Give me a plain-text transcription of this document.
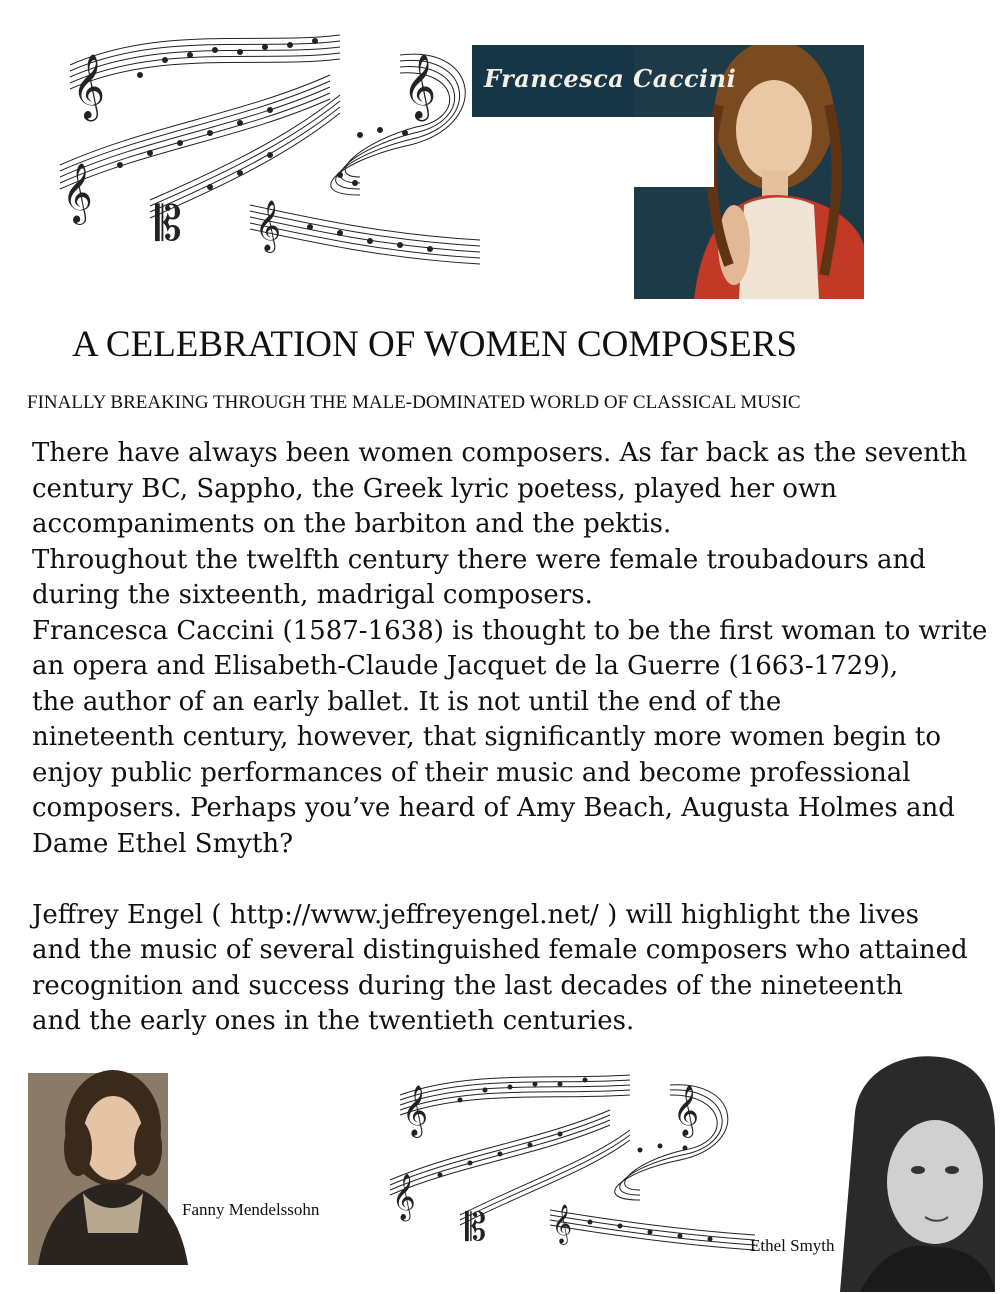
𝄞
𝄞
𝄡 𝄞
𝄞 Francesca Caccini
A CELEBRATION OF WOMEN COMPOSERS
FINALLY BREAKING THROUGH THE MALE-DOMINATED WORLD OF CLASSICAL MUSIC
There have always been women composers. As far back as the seventh
century BC, Sappho, the Greek lyric poetess, played her own
accompaniments on the barbiton and the pektis.
Throughout the twelfth century there were female troubadours and
during the sixteenth, madrigal composers.
Francesca Caccini (1587-1638) is thought to be the first woman to write
an opera and Elisabeth-Claude Jacquet de la Guerre (1663-1729),
the author of an early ballet. It is not until the end of the
nineteenth century, however, that significantly more women begin to
enjoy public performances of their music and become professional
composers. Perhaps you’ve heard of Amy Beach, Augusta Holmes and
Dame Ethel Smyth?
Jeffrey Engel ( http://www.jeffreyengel.net/ ) will highlight the lives
and the music of several distinguished female composers who attained
recognition and success during the last decades of the nineteenth
and the early ones in the twentieth centuries.
Fanny Mendelssohn
𝄞
𝄞
𝄡 𝄞
𝄞
Ethel Smyth
